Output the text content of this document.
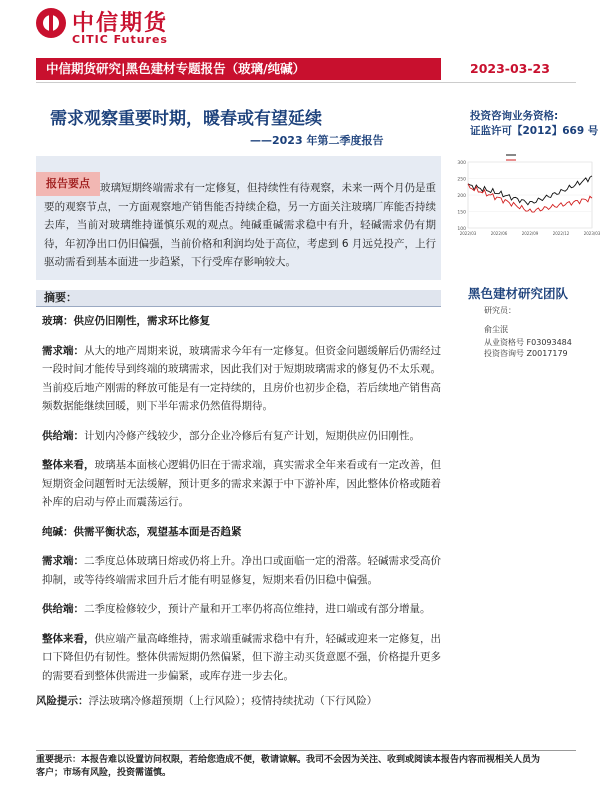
中信期货
CITIC Futures
中信期货研究|黑色建材专题报告（玻璃/纯碱）	2023-03-23
需求观察重要时期，暖春或有望延续
——2023 年第二季度报告
投资咨询业务资格:
证监许可【2012】669 号
玻璃短期终端需求有一定修复，但持续性有待观察，未来一两个月仍是重要的观察节点，一方面观察地产销售能否持续企稳，另一方面关注玻璃厂库能否持续去库，当前对玻璃维持谨慎乐观的观点。纯碱重碱需求稳中有升，轻碱需求仍有期待，年初净出口仍旧偏强，当前价格和利润均处于高位，考虑到 6 月远兑投产，上行驱动需看到基本面进一步趋紧，下行受库存影响较大。
报告要点
300
250
200
150
100
2022/03	2022/06	2022/09	2022/12	2023/03
黑色建材研究团队
研究员：
俞尘泯
从业资格号 F03093484
投资咨询号 Z0017179
摘要：

玻璃：供应仍旧刚性，需求环比修复

需求端：从大的地产周期来说，玻璃需求今年有一定修复。但资金问题缓解后仍需经过一段时间才能传导到终端的玻璃需求，因此我们对于短期玻璃需求的修复仍不太乐观。当前疫后地产刚需的释放可能是有一定持续的，且房价也初步企稳，若后续地产销售高频数据能继续回暖，则下半年需求仍然值得期待。

供给端：计划内冷修产线较少，部分企业冷修后有复产计划，短期供应仍旧刚性。

整体来看，玻璃基本面核心逻辑仍旧在于需求端，真实需求全年来看或有一定改善，但短期资金问题暂时无法缓解，预计更多的需求来源于中下游补库，因此整体价格或随着补库的启动与停止而震荡运行。

纯碱：供需平衡状态，观望基本面是否趋紧

需求端：二季度总体玻璃日熔或仍将上升。净出口或面临一定的滑落。轻碱需求受高价抑制，或等待终端需求回升后才能有明显修复，短期来看仍旧稳中偏强。

供给端：二季度检修较少，预计产量和开工率仍将高位维持，进口端或有部分增量。

整体来看，供应端产量高峰维持，需求端重碱需求稳中有升，轻碱或迎来一定修复，出口下降但仍有韧性。整体供需短期仍然偏紧，但下游主动买货意愿不强，价格提升更多的需要看到整体供需进一步偏紧，或库存进一步去化。

风险提示：浮法玻璃冷修超预期（上行风险）；疫情持续扰动（下行风险）
重要提示：本报告难以设置访问权限，若给您造成不便，敬请谅解。我司不会因为关注、收到或阅读本报告内容而视相关人员为
客户；市场有风险，投资需谨慎。
